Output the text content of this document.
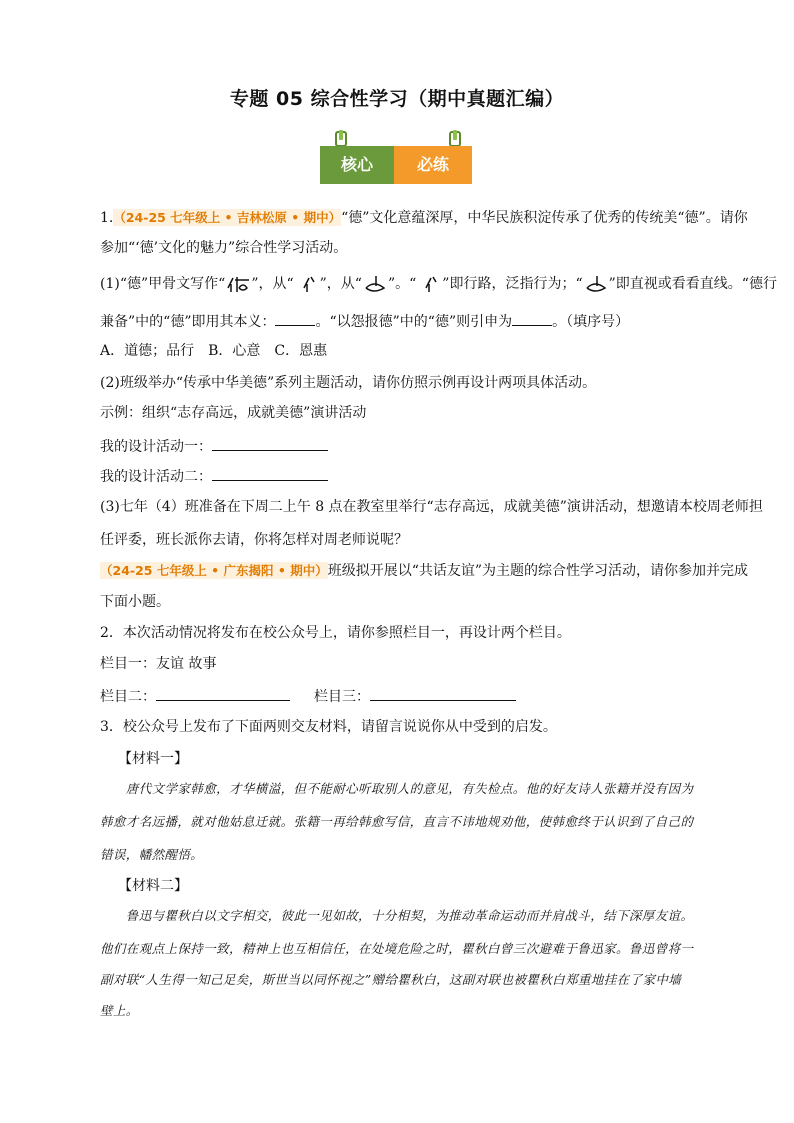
专题 05 综合性学习（期中真题汇编）
核心	必练
1.（24-25 七年级上 • 吉林松原 • 期中）“德”文化意蕴深厚，中华民族积淀传承了优秀的传统美“德”。请你
参加“‘德’文化的魅力”综合性学习活动。
(1)“德”甲骨文写作“ ”，从“ ”，从“ ”。“ ”即行路，泛指行为；“ ”即直视或看看直线。“德行
兼备”中的“德”即用其本义：	。“以怨报德”中的“德”则引申为	。（填序号）
A．道德；品行　B．心意　C．恩惠
(2)班级举办“传承中华美德”系列主题活动，请你仿照示例再设计两项具体活动。
示例：组织“志存高远，成就美德”演讲活动
我的设计活动一：
我的设计活动二：
(3)七年（4）班准备在下周二上午 8 点在教室里举行“志存高远，成就美德”演讲活动，想邀请本校周老师担
任评委，班长派你去请，你将怎样对周老师说呢？
（24-25 七年级上 • 广东揭阳 • 期中）班级拟开展以“共话友谊”为主题的综合性学习活动，请你参加并完成
下面小题。
2．本次活动情况将发布在校公众号上，请你参照栏目一，再设计两个栏目。
栏目一：友谊 故事
栏目二：	栏目三：
3．校公众号上发布了下面两则交友材料，请留言说说你从中受到的启发。
【材料一】
　　唐代文学家韩愈，才华横溢，但不能耐心听取别人的意见，有失检点。他的好友诗人张籍并没有因为
韩愈才名远播，就对他姑息迁就。张籍一再给韩愈写信，直言不讳地规劝他，使韩愈终于认识到了自己的
错误，幡然醒悟。
【材料二】
　　鲁迅与瞿秋白以文字相交，彼此一见如故，十分相契，为推动革命运动而并肩战斗，结下深厚友谊。
他们在观点上保持一致，精神上也互相信任，在处境危险之时，瞿秋白曾三次避难于鲁迅家。鲁迅曾将一
副对联“人生得一知己足矣，斯世当以同怀视之”赠给瞿秋白，这副对联也被瞿秋白郑重地挂在了家中墙
壁上。
